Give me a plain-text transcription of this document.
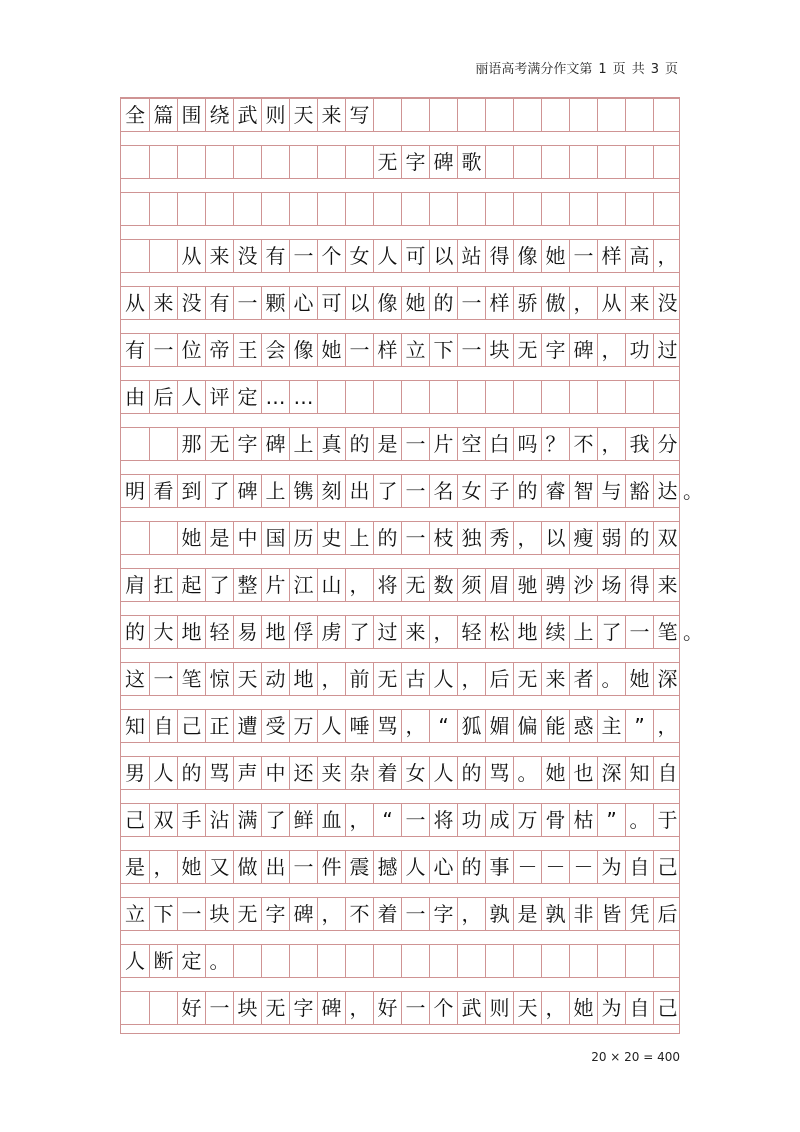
丽语高考满分作文第 1 页 共 3 页
全 篇 围 绕 武 则 天 来 写
无 字 碑 歌
从 来 没 有 一 个 女 人 可 以 站 得 像 她 一 样 高 ，
从 来 没 有 一 颗 心 可 以 像 她 的 一 样 骄 傲 ， 从 来 没
有 一 位 帝 王 会 像 她 一 样 立 下 一 块 无 字 碑 ， 功 过
由 后 人 评 定 … …
那 无 字 碑 上 真 的 是 一 片 空 白 吗 ？ 不 ， 我 分
明 看 到 了 碑 上 镌 刻 出 了 一 名 女 子 的 睿 智 与 豁 达 。
她 是 中 国 历 史 上 的 一 枝 独 秀 ， 以 瘦 弱 的 双
肩 扛 起 了 整 片 江 山 ， 将 无 数 须 眉 驰 骋 沙 场 得 来
的 大 地 轻 易 地 俘 虏 了 过 来 ， 轻 松 地 续 上 了 一 笔 。
这 一 笔 惊 天 动 地 ， 前 无 古 人 ， 后 无 来 者 。 她 深
知 自 己 正 遭 受 万 人 唾 骂 ， “ 狐 媚 偏 能 惑 主 ” ，
男 人 的 骂 声 中 还 夹 杂 着 女 人 的 骂 。 她 也 深 知 自
己 双 手 沾 满 了 鲜 血 ， “ 一 将 功 成 万 骨 枯 ” 。 于
是 ， 她 又 做 出 一 件 震 撼 人 心 的 事 － － － 为 自 己
立 下 一 块 无 字 碑 ， 不 着 一 字 ， 孰 是 孰 非 皆 凭 后
人 断 定 。
好 一 块 无 字 碑 ， 好 一 个 武 则 天 ， 她 为 自 己
20 × 20 = 400
